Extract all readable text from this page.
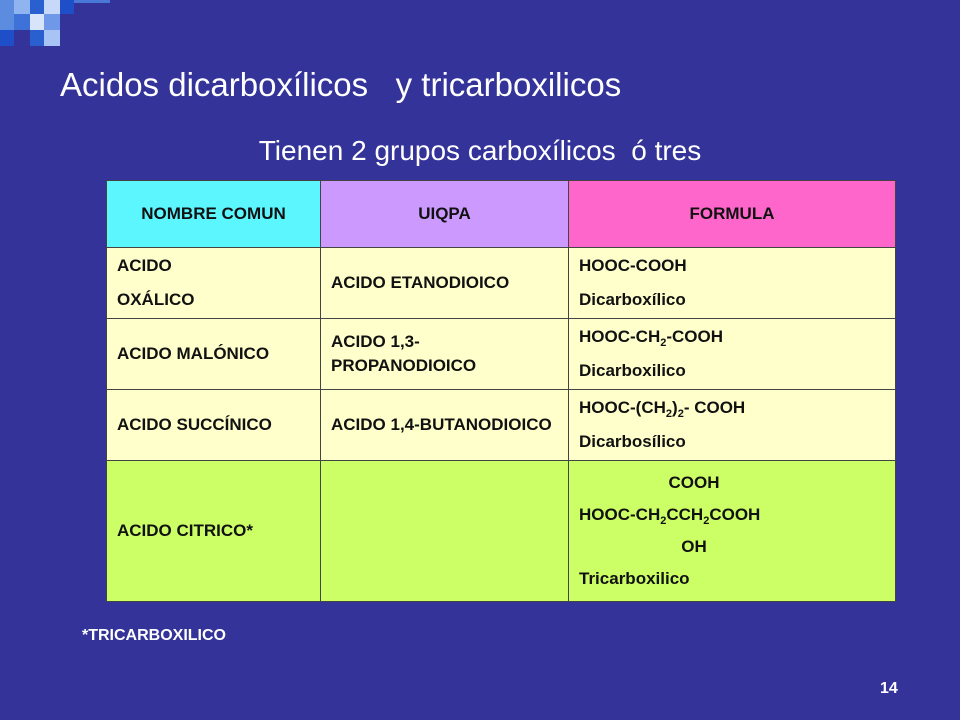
Acidos dicarboxílicos   y tricarboxilicos
Tienen 2 grupos carboxílicos  ó tres
NOMBRE COMUN	UIQPA	FORMULA

ACIDO
OXÁLICO	ACIDO ETANODIOICO	HOOC-COOH
Dicarboxílico

ACIDO MALÓNICO	ACIDO 1,3-PROPANODIOICO	HOOC-$CH_2$-COOH
Dicarboxilico

ACIDO SUCCÍNICO	ACIDO 1,4-BUTANODIOICO	HOOC-$(CH_2)_2-$ COOH
Dicarbosílico

ACIDO CITRICO*		COOH
HOOC-$CH_2CCH_2COOH$
OH
Tricarboxilico
*TRICARBOXILICO
14
